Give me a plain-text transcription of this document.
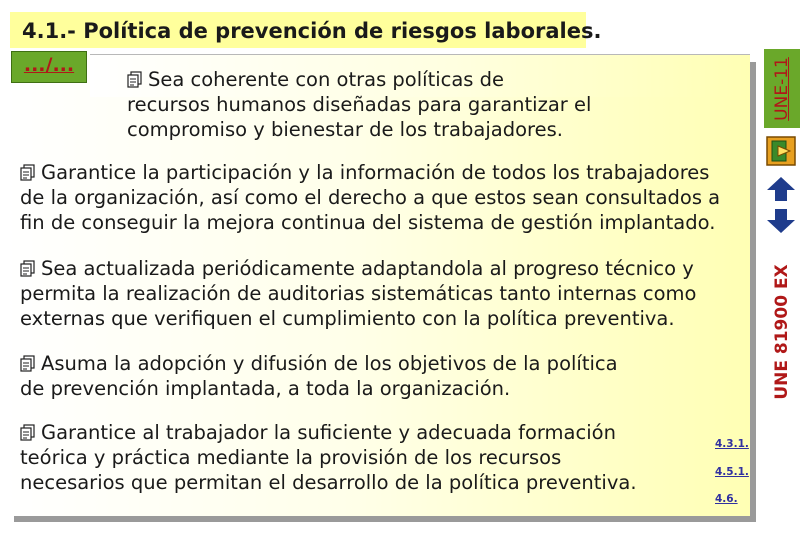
4.1.- Política de prevención de riesgos laborales.
.../...
Sea coherente con otras políticas de
recursos humanos diseñadas para garantizar el
compromiso y bienestar de los trabajadores.
Garantice la participación y la información de todos los trabajadores
de la organización, así como el derecho a que estos sean consultados a
fin de conseguir la mejora continua del sistema de gestión implantado.
Sea actualizada periódicamente adaptandola al progreso técnico y
permita la realización de auditorias sistemáticas tanto internas como
externas que verifiquen el cumplimiento con la política preventiva.
Asuma la adopción y difusión de los objetivos de la política
de prevención implantada, a toda la organización.
Garantice al trabajador la suficiente y adecuada formación
teórica y práctica mediante la provisión de los recursos
necesarios que permitan el desarrollo de la política preventiva.
4.3.1.
4.5.1.
4.6.
UNE-11
UNE 81900 EX
